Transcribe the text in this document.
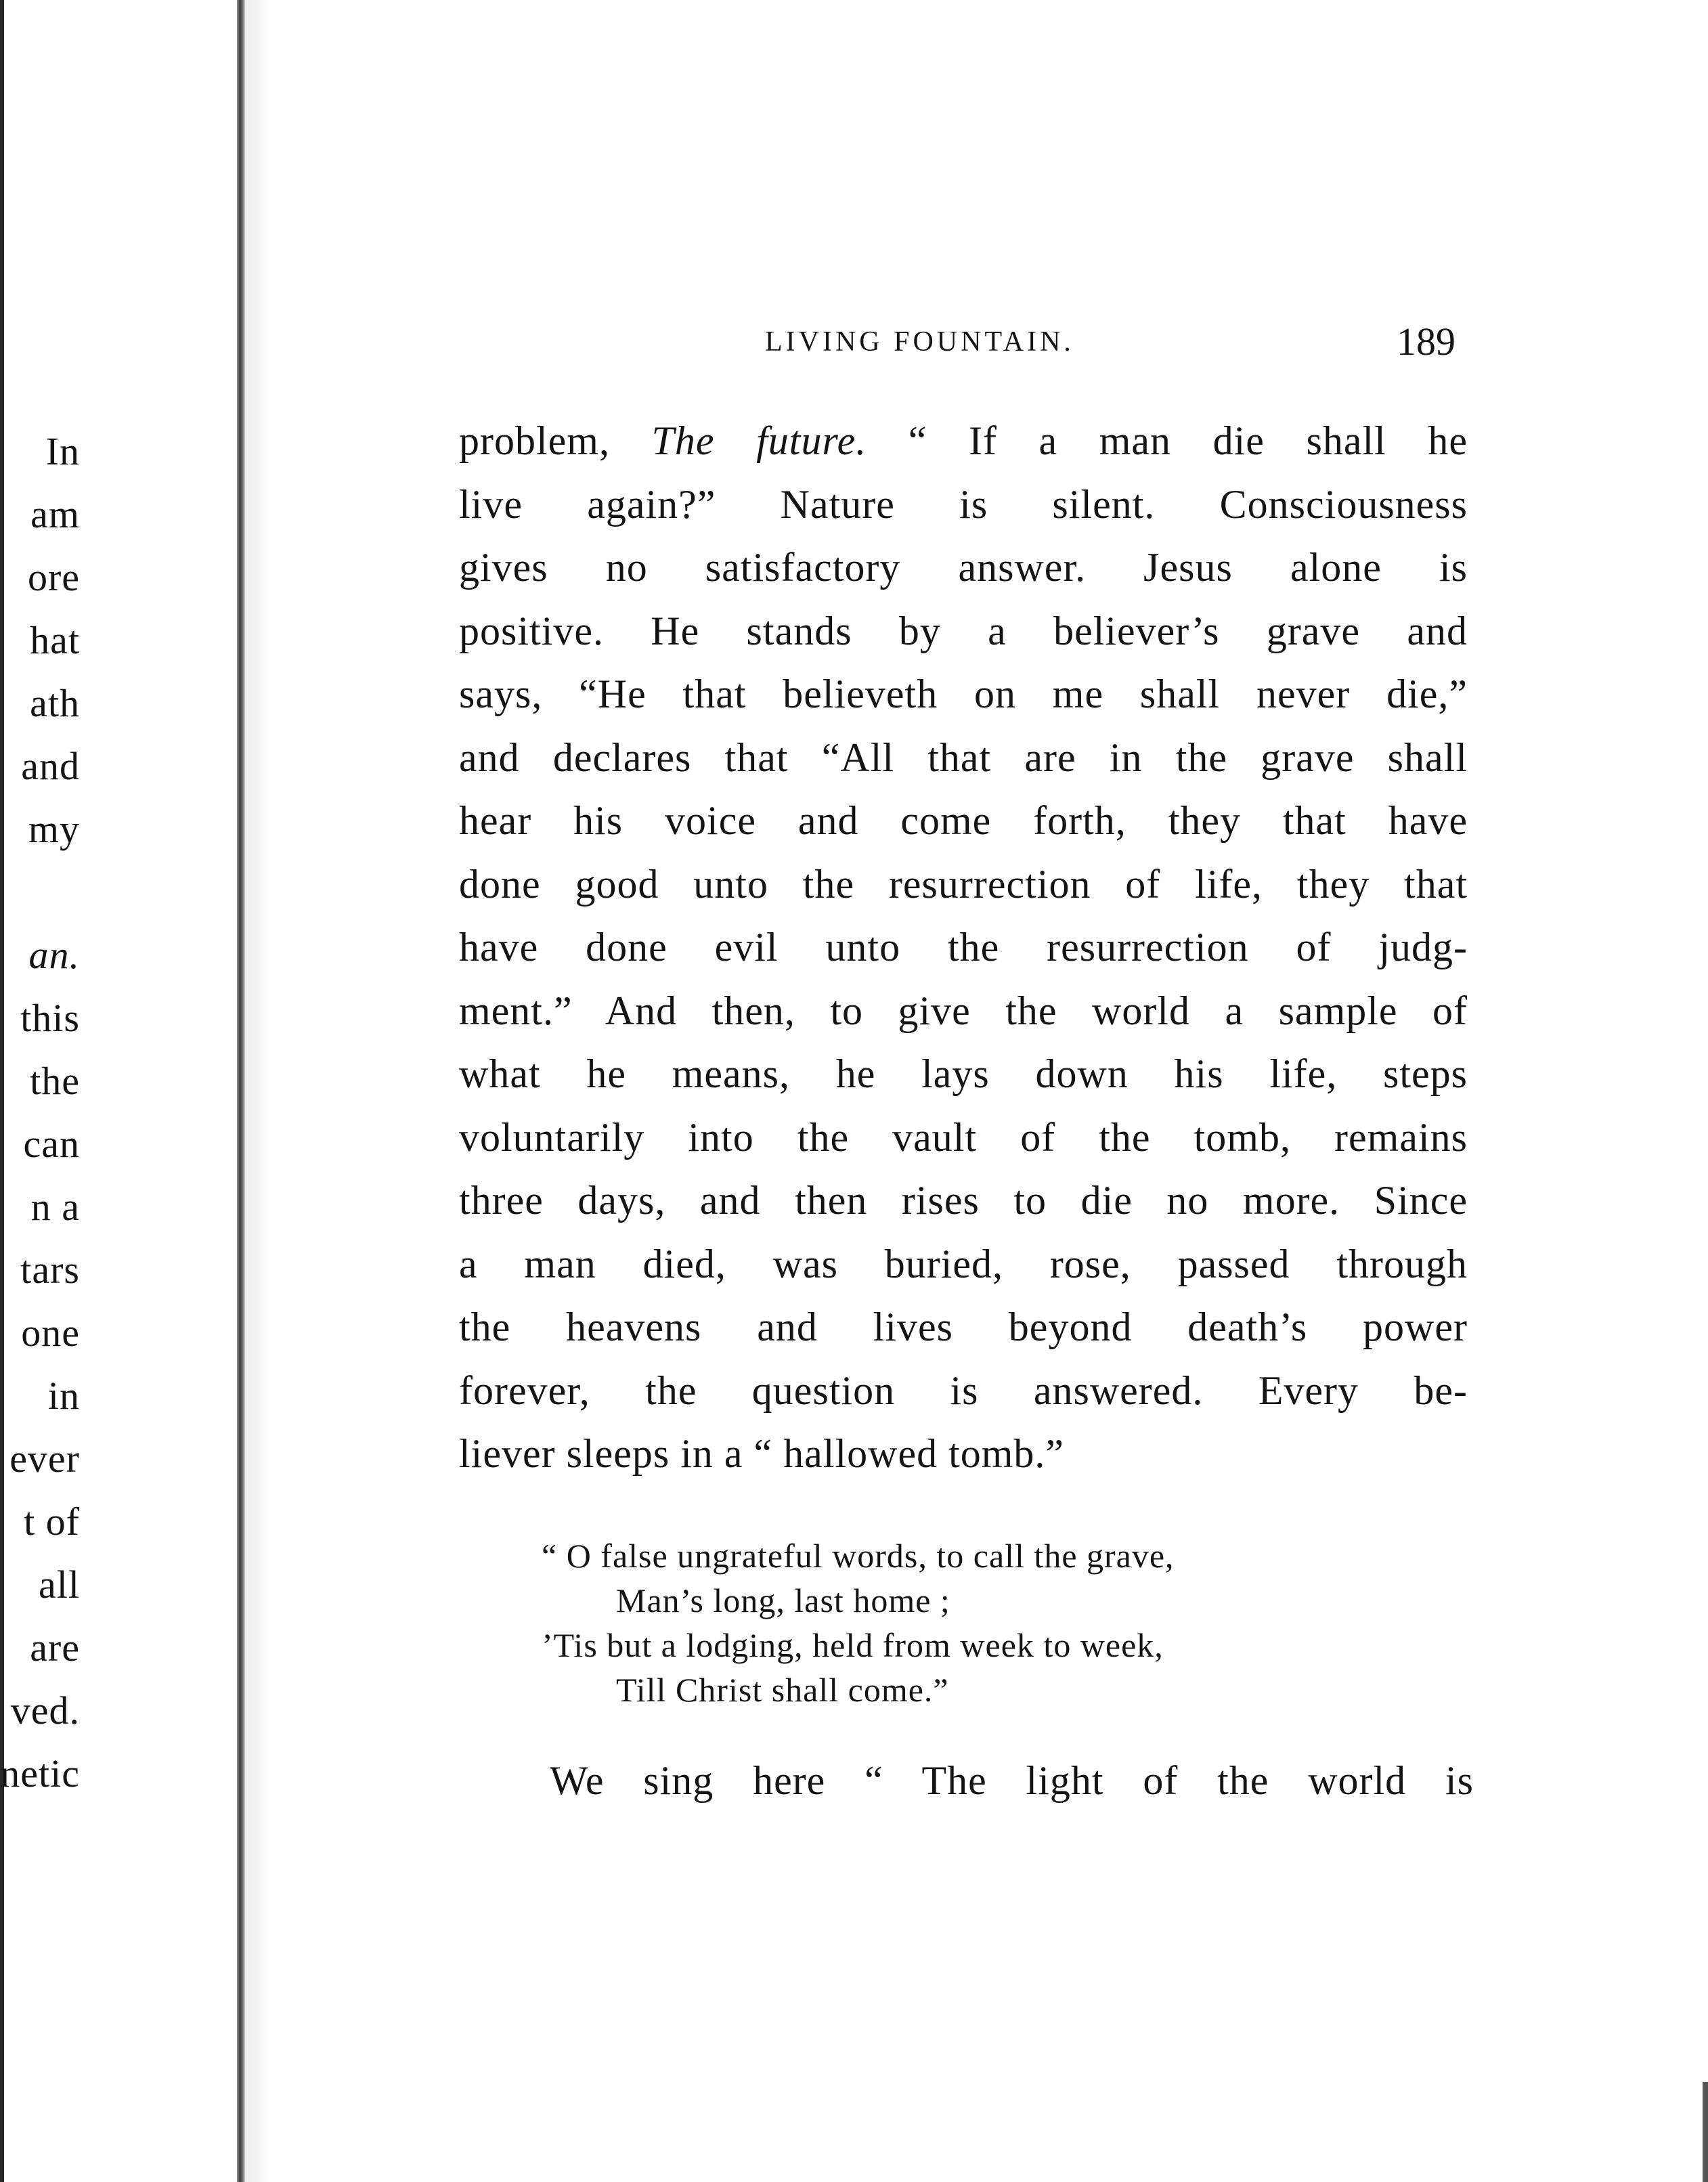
In
am
ore
hat
ath
and
my
an.
this
the
can
n a
tars
one
in
ever
t of
all
are
ved.
netic
LIVING FOUNTAIN.	189
problem, The future. “ If a man die shall he
live again?” Nature is silent. Consciousness
gives no satisfactory answer. Jesus alone is
positive. He stands by a believer’s grave and
says, “He that believeth on me shall never die,”
and declares that “All that are in the grave shall
hear his voice and come forth, they that have
done good unto the resurrection of life, they that
have done evil unto the resurrection of judg-
ment.” And then, to give the world a sample of
what he means, he lays down his life, steps
voluntarily into the vault of the tomb, remains
three days, and then rises to die no more. Since
a man died, was buried, rose, passed through
the heavens and lives beyond death’s power
forever, the question is answered. Every be-
liever sleeps in a “ hallowed tomb.”
“ O false ungrateful words, to call the grave,
Man’s long, last home ;
’Tis but a lodging, held from week to week,
Till Christ shall come.”
We sing here “ The light of the world is
